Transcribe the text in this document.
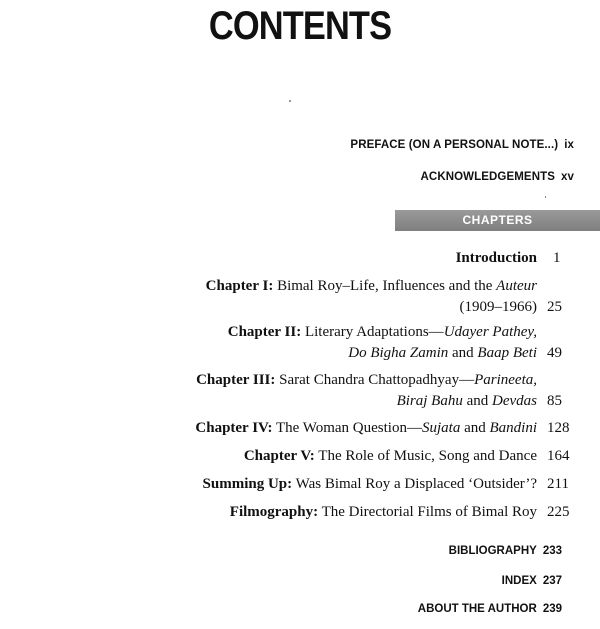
CONTENTS
PREFACE (ON A PERSONAL NOTE...) ix
ACKNOWLEDGEMENTS xv
CHAPTERS
Introduction 1
Chapter I: Bimal Roy–Life, Influences and the Auteur
(1909–1966) 25
Chapter II: Literary Adaptations—Udayer Pathey,
Do Bigha Zamin and Baap Beti 49
Chapter III: Sarat Chandra Chattopadhyay—Parineeta,
Biraj Bahu and Devdas 85
Chapter IV: The Woman Question—Sujata and Bandini 128
Chapter V: The Role of Music, Song and Dance 164
Summing Up: Was Bimal Roy a Displaced ‘Outsider’? 211
Filmography: The Directorial Films of Bimal Roy 225
BIBLIOGRAPHY 233
INDEX 237
ABOUT THE AUTHOR 239
